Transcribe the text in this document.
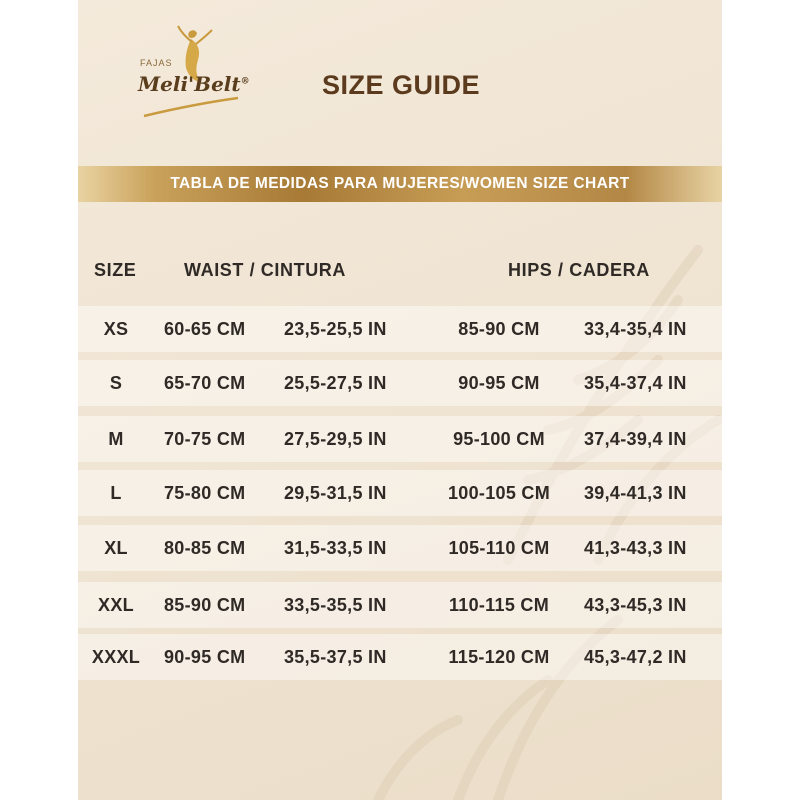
FAJAS
Meli'Belt®	SIZE GUIDE
TABLA DE MEDIDAS PARA MUJERES/WOMEN SIZE CHART
SIZE	WAIST / CINTURA	HIPS / CADERA
XS	60-65 CM 23,5-25,5 IN	85-90 CM	33,4-35,4 IN
S	65-70 CM 25,5-27,5 IN	90-95 CM	35,4-37,4 IN
M	70-75 CM 27,5-29,5 IN	95-100 CM	37,4-39,4 IN
L	75-80 CM 29,5-31,5 IN	100-105 CM	39,4-41,3 IN
XL	80-85 CM 31,5-33,5 IN	105-110 CM	41,3-43,3 IN
XXL	85-90 CM 33,5-35,5 IN	110-115 CM	43,3-45,3 IN
XXXL	90-95 CM 35,5-37,5 IN	115-120 CM	45,3-47,2 IN
